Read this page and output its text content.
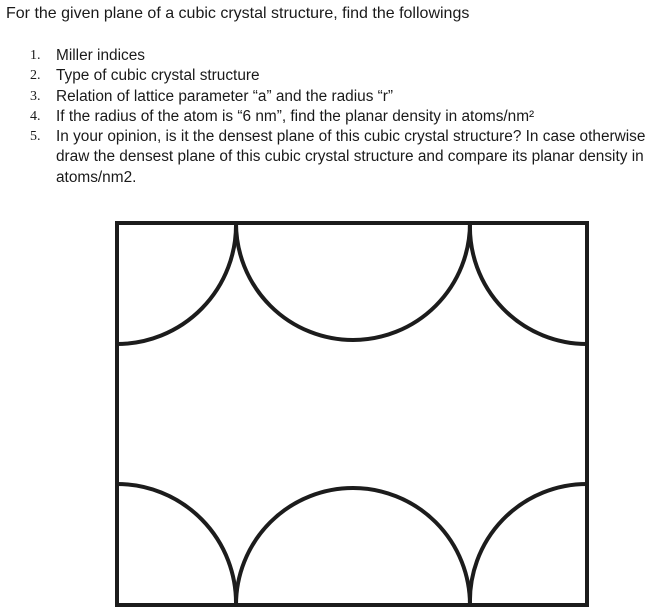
For the given plane of a cubic crystal structure, find the followings

1. Miller indices
2. Type of cubic crystal structure
3. Relation of lattice parameter “a” and the radius “r”
4. If the radius of the atom is “6 nm”, find the planar density in atoms/nm²
5. In your opinion, is it the densest plane of this cubic crystal structure? In case otherwise draw the densest plane of this cubic crystal structure and compare its planar density in atoms/nm2.
